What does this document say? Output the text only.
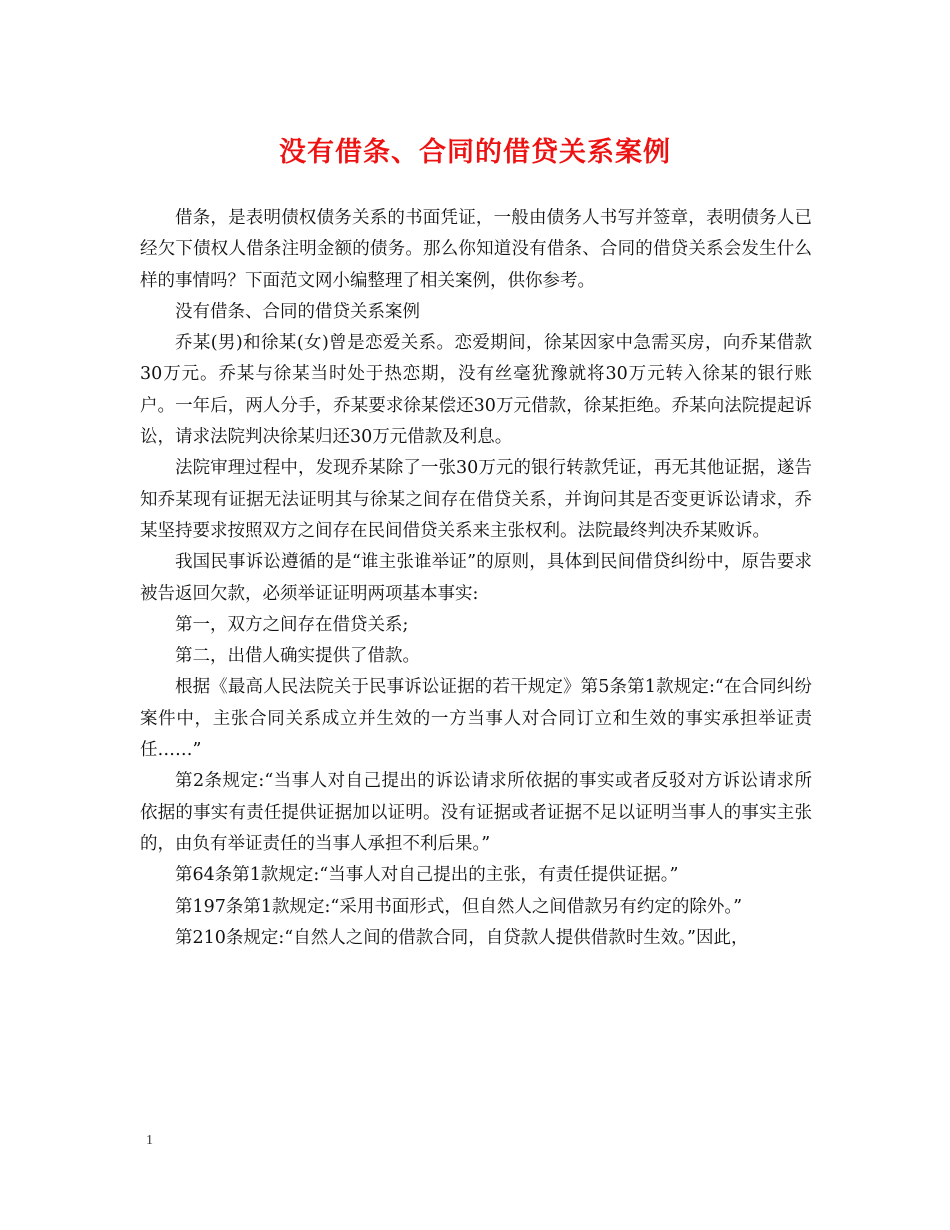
没有借条、合同的借贷关系案例

借条，是表明债权债务关系的书面凭证，一般由债务人书写并签章，表明债务人已经欠下债权人借条注明金额的债务。那么你知道没有借条、合同的借贷关系会发生什么样的事情吗？下面范文网小编整理了相关案例，供你参考。

没有借条、合同的借贷关系案例

乔某(男)和徐某(女)曾是恋爱关系。恋爱期间，徐某因家中急需买房，向乔某借款30万元。乔某与徐某当时处于热恋期，没有丝毫犹豫就将30万元转入徐某的银行账户。一年后，两人分手，乔某要求徐某偿还30万元借款，徐某拒绝。乔某向法院提起诉讼，请求法院判决徐某归还30万元借款及利息。

法院审理过程中，发现乔某除了一张30万元的银行转款凭证，再无其他证据，遂告知乔某现有证据无法证明其与徐某之间存在借贷关系，并询问其是否变更诉讼请求，乔某坚持要求按照双方之间存在民间借贷关系来主张权利。法院最终判决乔某败诉。

我国民事诉讼遵循的是“谁主张谁举证”的原则，具体到民间借贷纠纷中，原告要求被告返回欠款，必须举证证明两项基本事实:

第一，双方之间存在借贷关系;

第二，出借人确实提供了借款。

根据《最高人民法院关于民事诉讼证据的若干规定》第5条第1款规定:“在合同纠纷案件中，主张合同关系成立并生效的一方当事人对合同订立和生效的事实承担举证责任……”

第2条规定:“当事人对自己提出的诉讼请求所依据的事实或者反驳对方诉讼请求所依据的事实有责任提供证据加以证明。没有证据或者证据不足以证明当事人的事实主张的，由负有举证责任的当事人承担不利后果。”

第64条第1款规定:“当事人对自己提出的主张，有责任提供证据。”

第197条第1款规定:“采用书面形式，但自然人之间借款另有约定的除外。”

第210条规定:“自然人之间的借款合同，自贷款人提供借款时生效。”因此，

1
